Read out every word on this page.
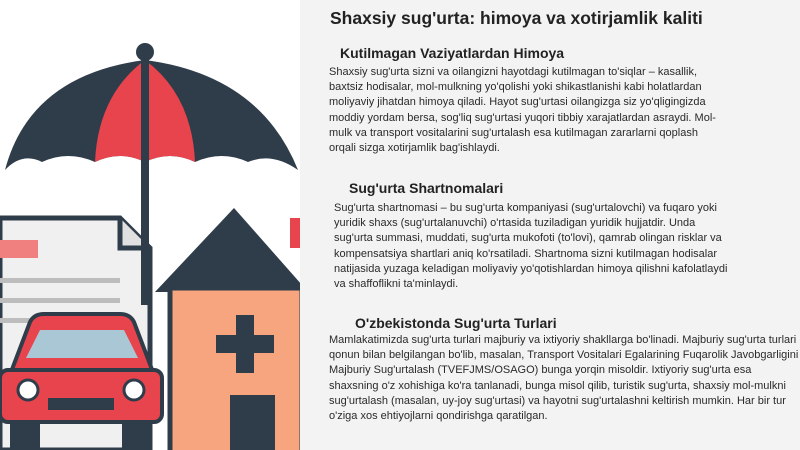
Shaxsiy sug'urta: himoya va xotirjamlik kaliti
Kutilmagan Vaziyatlardan Himoya

Shaxsiy sug'urta sizni va oilangizni hayotdagi kutilmagan to'siqlar – kasallik, baxtsiz hodisalar, mol-mulkning yo'qolishi yoki shikastlanishi kabi holatlardan moliyaviy jihatdan himoya qiladi. Hayot sug'urtasi oilangizga siz yo'qligingizda moddiy yordam bersa, sog'liq sug'urtasi yuqori tibbiy xarajatlardan asraydi. Mol-mulk va transport vositalarini sug'urtalash esa kutilmagan zararlarni qoplash orqali sizga xotirjamlik bag'ishlaydi.

Sug'urta Shartnomalari

Sug'urta shartnomasi – bu sug'urta kompaniyasi (sug'urtalovchi) va fuqaro yoki yuridik shaxs (sug'urtalanuvchi) o'rtasida tuziladigan yuridik hujjatdir. Unda sug'urta summasi, muddati, sug'urta mukofoti (to'lovi), qamrab olingan risklar va kompensatsiya shartlari aniq ko'rsatiladi. Shartnoma sizni kutilmagan hodisalar natijasida yuzaga keladigan moliyaviy yo'qotishlardan himoya qilishni kafolatlaydi va shaffoflikni ta'minlaydi.

O'zbekistonda Sug'urta Turlari

Mamlakatimizda sug'urta turlari majburiy va ixtiyoriy shakllarga bo'linadi. Majburiy sug'urta turlari qonun bilan belgilangan bo'lib, masalan, Transport Vositalari Egalarining Fuqarolik Javobgarligini Majburiy Sug'urtalash (TVEFJMS/OSAGO) bunga yorqin misoldir. Ixtiyoriy sug'urta esa shaxsning o'z xohishiga ko'ra tanlanadi, bunga misol qilib, turistik sug'urta, shaxsiy mol-mulkni sug'urtalash (masalan, uy-joy sug'urtasi) va hayotni sug'urtalashni keltirish mumkin. Har bir tur o'ziga xos ehtiyojlarni qondirishga qaratilgan.
